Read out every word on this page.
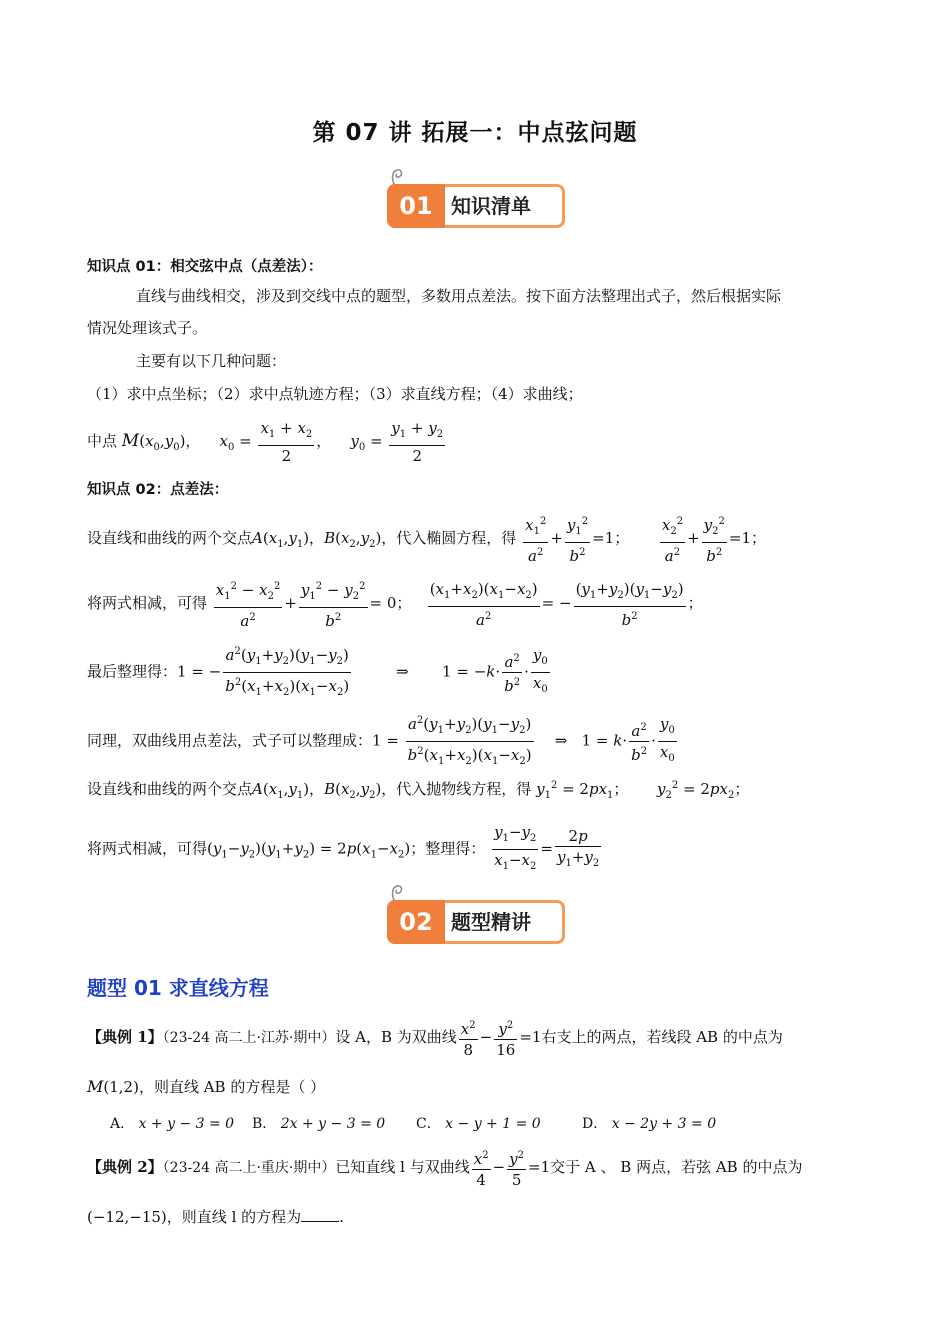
第 07 讲 拓展一：中点弦问题
01 知识清单
知识点 01：相交弦中点（点差法）：
直线与曲线相交，涉及到交线中点的题型，多数用点差法。按下面方法整理出式子，然后根据实际
情况处理该式子。
主要有以下几种问题：
（1）求中点坐标；（2）求中点轨迹方程；（3）求直线方程；（4）求曲线；
中点 $M(x_0,y_0)$，    $x_0 = \frac{x_1 + x_2}{2}$ ，    $y_0 = \frac{y_1 + y_2}{2}$
知识点 02：点差法：
设直线和曲线的两个交点$A(x_1,y_1)$，$B(x_2,y_2)$，代入椭圆方程，得 $\frac{x_1^2}{a^2} + \frac{y_1^2}{b^2} =1$； $\frac{x_2^2}{a^2} + \frac{y_2^2}{b^2} =1$；
将两式相减，可得 $\frac{x_1^2 - x_2^2}{a^2} + \frac{y_1^2 - y_2^2}{b^2} = 0$； $\frac{(x_1+x_2)(x_1-x_2)}{a^2}$ = − $\frac{(y_1+y_2)(y_1-y_2)}{b^2}$ ；
最后整理得：1 = − $\frac{a^2(y_1+y_2)(y_1-y_2)}{b^2(x_1+x_2)(x_1-x_2)}$ ⇒       $1 = -k\cdot \frac{a^2}{b^2} \cdot \frac{y_0}{x_0}$
同理，双曲线用点差法，式子可以整理成：$1 = \frac{a^2(y_1+y_2)(y_1-y_2)}{b^2(x_1+x_2)(x_1-x_2)}$ ⇒   $1 = k\cdot \frac{a^2}{b^2} \cdot \frac{y_0}{x_0}$
设直线和曲线的两个交点$A(x_1,y_1)$，$B(x_2,y_2)$，代入抛物线方程，得 $y_1^2 = 2px_1$；      $y_2^2 = 2px_2$；
将两式相减，可得$(y_1-y_2)(y_1+y_2) = 2p(x_1-x_2)$；整理得： $\frac{y_1-y_2}{x_1-x_2} = \frac{2p}{y_1+y_2}$
02 题型精讲
题型 01 求直线方程
【典例 1】（23-24 高二上·江苏·期中）设 A，B 为双曲线 $\frac{x^2}{8} - \frac{y^2}{16} =1$右支上的两点，若线段 AB 的中点为
M(1,2)，则直线 AB 的方程是（ ）
A． x + y − 3 = 0 B． 2x + y − 3 = 0 C． x − y + 1 = 0	D． x − 2y + 3 = 0
【典例 2】（23-24 高二上·重庆·期中）已知直线 l 与双曲线 $\frac{x^2}{4} - \frac{y^2}{5} =1$交于 A 、 B 两点，若弦 AB 的中点为
(−12,−15)，则直线 l 的方程为	.
